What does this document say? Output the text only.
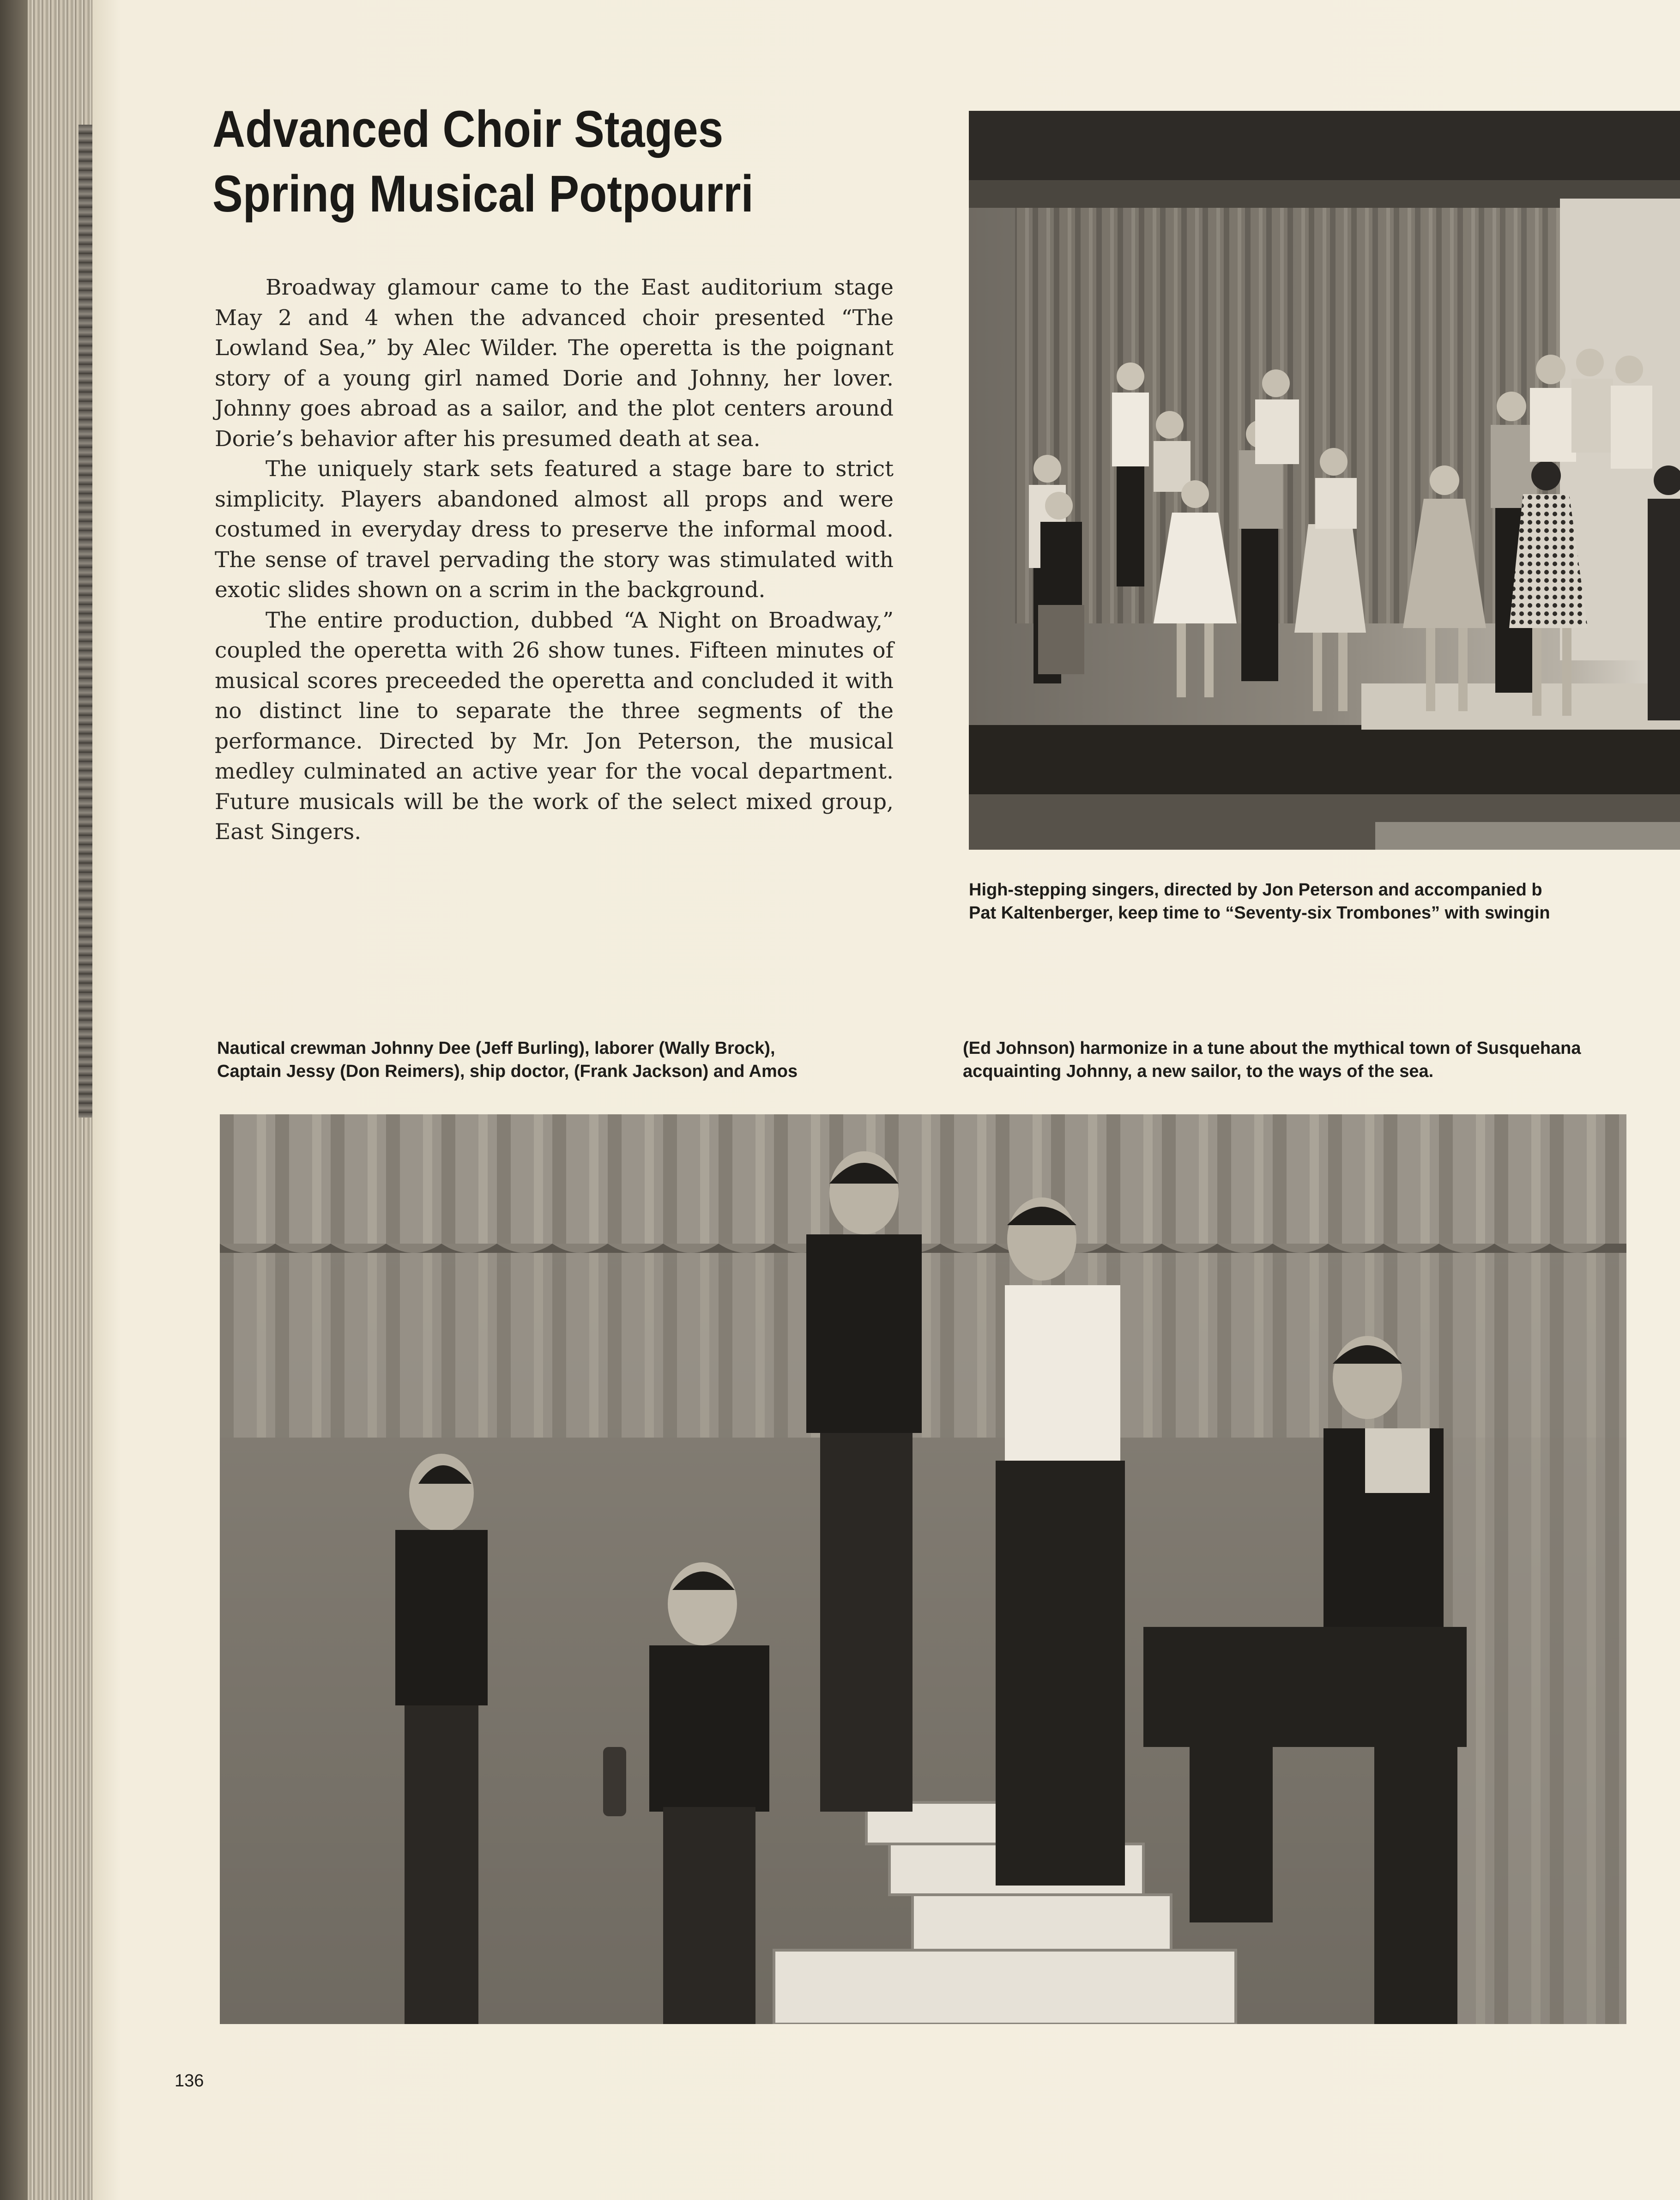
Advanced Choir Stages
Spring Musical Potpourri

Broadway glamour came to the East auditorium stage May 2 and 4 when the advanced choir presented “The Lowland Sea,” by Alec Wilder. The operetta is the poignant story of a young girl named Dorie and Johnny, her lover. Johnny goes abroad as a sailor, and the plot centers around Dorie’s behavior after his presumed death at sea.

The uniquely stark sets featured a stage bare to strict simplicity. Players abandoned almost all props and were costumed in everyday dress to preserve the informal mood. The sense of travel pervading the story was stimulated with exotic slides shown on a scrim in the background.

The entire production, dubbed “A Night on Broadway,” coupled the operetta with 26 show tunes. Fifteen minutes of musical scores preceeded the operetta and concluded it with no distinct line to separate the three segments of the performance. Directed by Mr. Jon Peterson, the musical medley culminated an active year for the vocal department. Future musicals will be the work of the select mixed group, East Singers.

High-stepping singers, directed by Jon Peterson and accompanied b
Pat Kaltenberger, keep time to “Seventy-six Trombones” with swingin
Nautical crewman Johnny Dee (Jeff Burling), laborer (Wally Brock),
Captain Jessy (Don Reimers), ship doctor, (Frank Jackson) and Amos
(Ed Johnson) harmonize in a tune about the mythical town of Susquehana
acquainting Johnny, a new sailor, to the ways of the sea.
136
